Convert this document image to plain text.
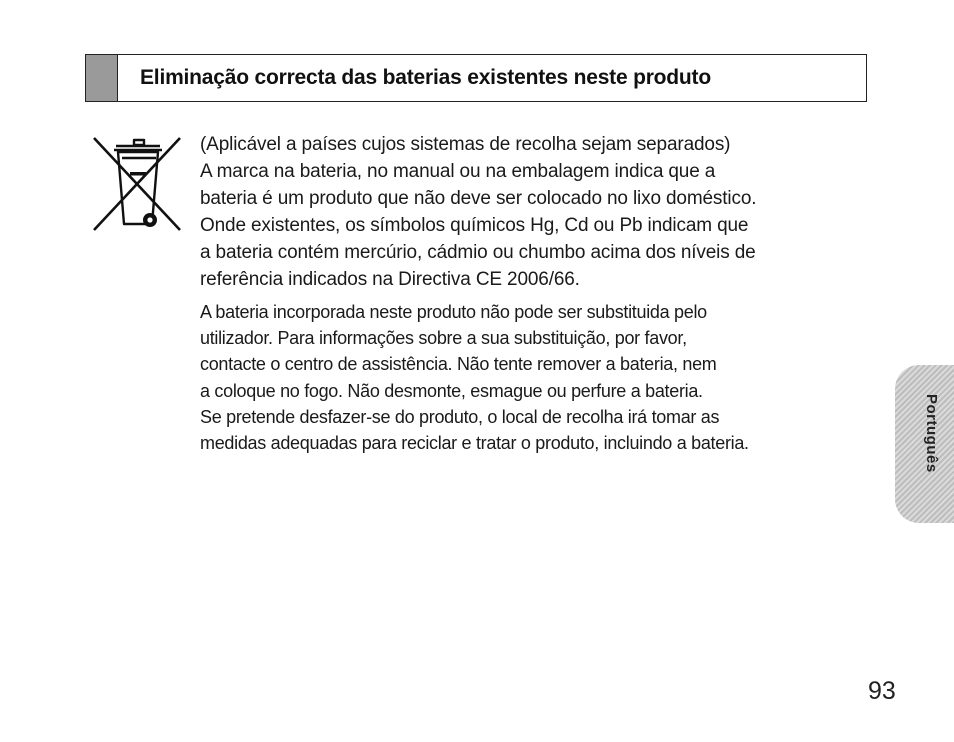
Eliminação correcta das baterias existentes neste produto
(Aplicável a países cujos sistemas de recolha sejam separados)
A marca na bateria, no manual ou na embalagem indica que a
bateria é um produto que não deve ser colocado no lixo doméstico.
Onde existentes, os símbolos químicos Hg, Cd ou Pb indicam que
a bateria contém mercúrio, cádmio ou chumbo acima dos níveis de
referência indicados na Directiva CE 2006/66.
A bateria incorporada neste produto não pode ser substituida pelo
utilizador. Para informações sobre a sua substituição, por favor,
contacte o centro de assistência. Não tente remover a bateria, nem
a coloque no fogo. Não desmonte, esmague ou perfure a bateria.
Se pretende desfazer-se do produto, o local de recolha irá tomar as
medidas adequadas para reciclar e tratar o produto, incluindo a bateria.	Português
93
